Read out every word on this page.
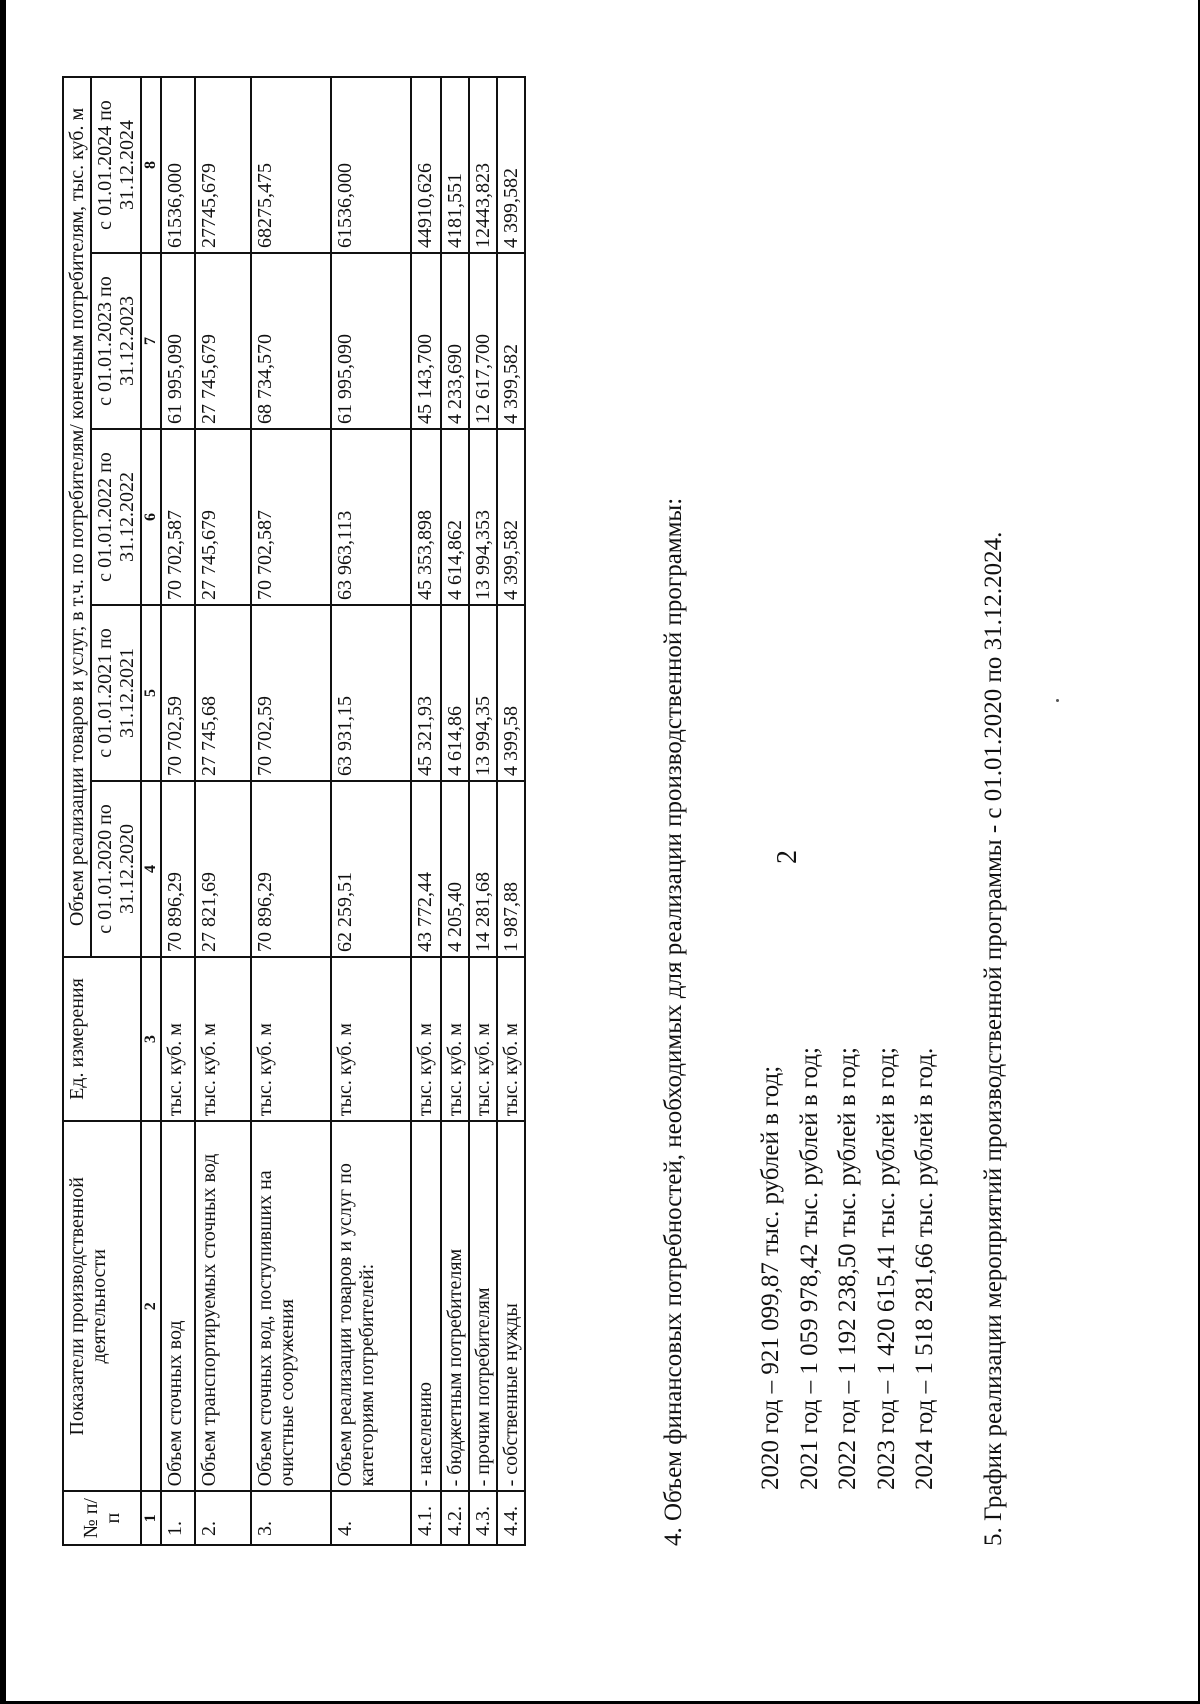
2
№ п/п	Показатели производственной деятельности	Ед. измерения	Объем реализации товаров и услуг, в т.ч. по потребителям/ конечным потребителям, тыс. куб. м				
			с 01.01.2020 по 31.12.2020	с 01.01.2021 по 31.12.2021	с 01.01.2022 по 31.12.2022	с 01.01.2023 по 31.12.2023	с 01.01.2024 по 31.12.2024
1	2	3	4	5	6	7	8
1.	Объем сточных вод	тыс. куб. м	70 896,29	70 702,59	70 702,587	61 995,090	61536,000
2.	Объем транспортируемых сточных вод	тыс. куб. м	27 821,69	27 745,68	27 745,679	27 745,679	27745,679
3.	Объем сточных вод, поступивших на очистные сооружения	тыс. куб. м	70 896,29	70 702,59	70 702,587	68 734,570	68275,475
4.	Объем реализации товаров и услуг по категориям потребителей:	тыс. куб. м	62 259,51	63 931,15	63 963,113	61 995,090	61536,000
4.1.	- населению	тыс. куб. м	43 772,44	45 321,93	45 353,898	45 143,700	44910,626
4.2.	- бюджетным потребителям	тыс. куб. м	4 205,40	4 614,86	4 614,862	4 233,690	4181,551
4.3.	- прочим потребителям	тыс. куб. м	14 281,68	13 994,35	13 994,353	12 617,700	12443,823
4.4.	- собственные нужды	тыс. куб. м	1 987,88	4 399,58	4 399,582	4 399,582	4 399,582
4. Объем финансовых потребностей, необходимых для реализации производственной программы:	2020 год – 921 099,87 тыс. рублей в год; 2021 год – 1 059 978,42 тыс. рублей в год; 2022 год – 1 192 238,50 тыс. рублей в год; 2023 год – 1 420 615,41 тыс. рублей в год; 2024 год – 1 518 281,66 тыс. рублей в год. 5. График реализации мероприятий производственной программы - с 01.01.2020 по 31.12.2024.
